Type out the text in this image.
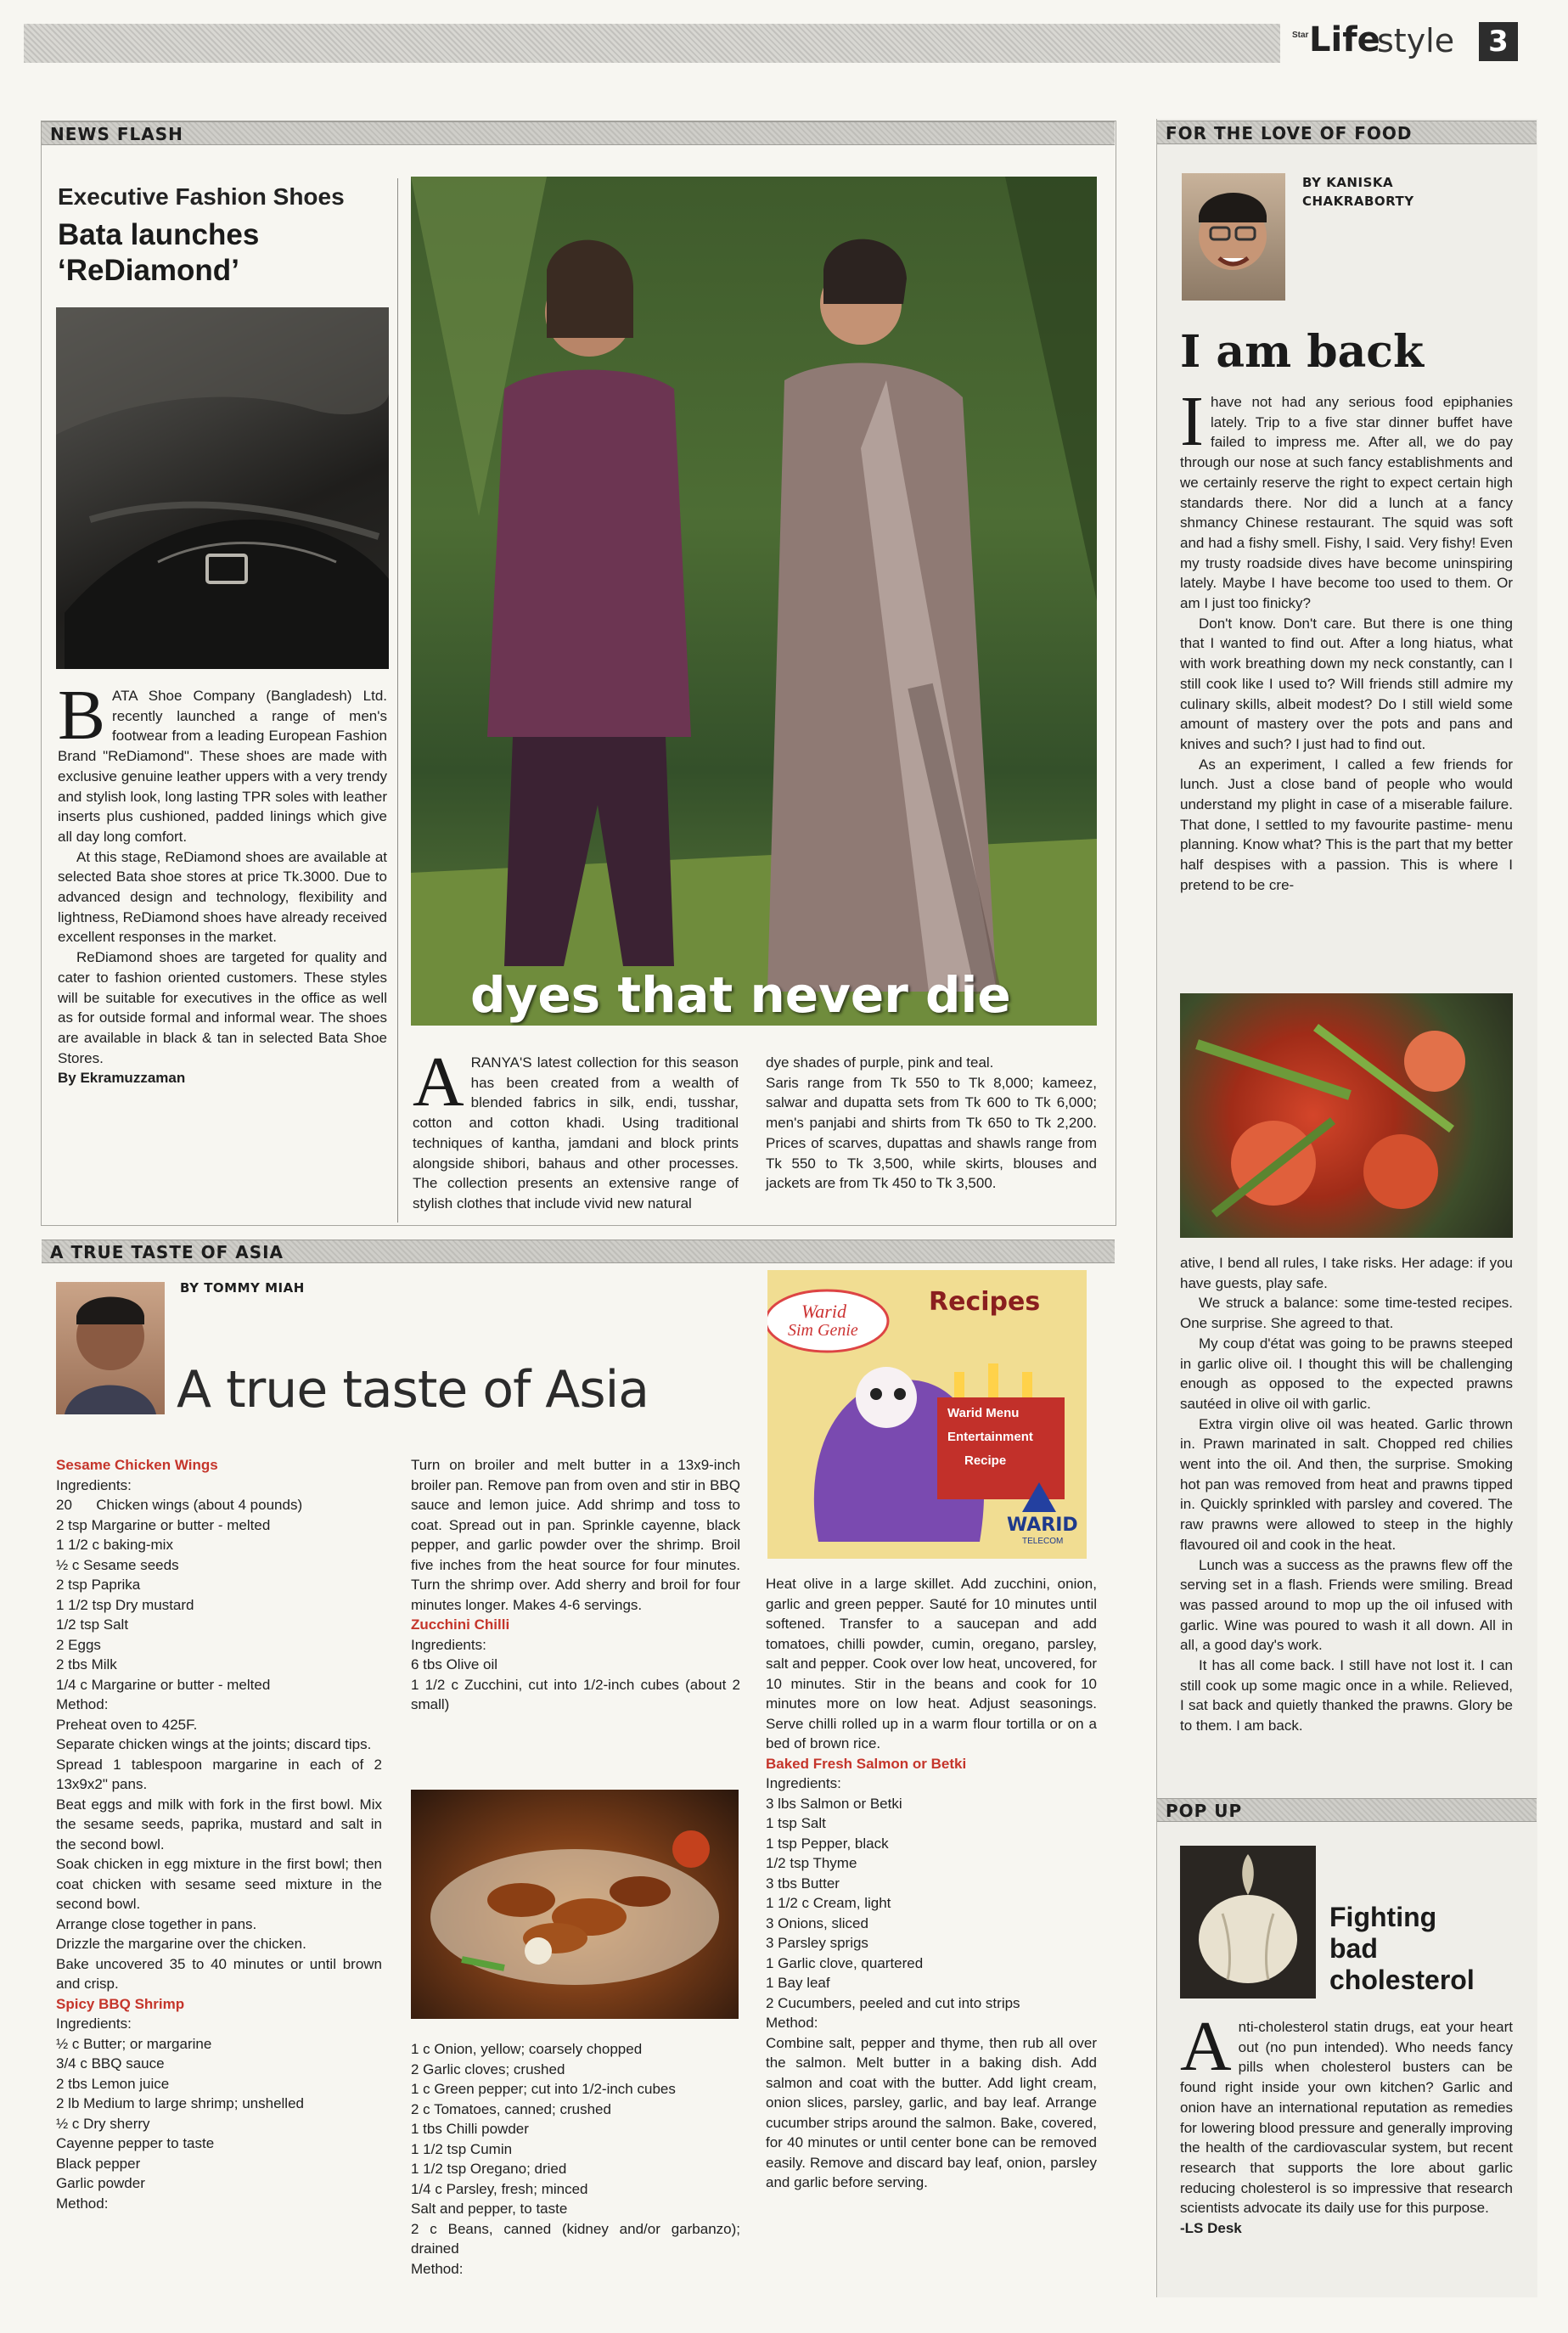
Star Life
style	3
NEWS FLASH
Executive Fashion Shoes
Bata launches
‘ReDiamond’
B ATA Shoe Company (Bangladesh) Ltd. recently launched a range of men's footwear from a leading European Fashion Brand "ReDiamond". These shoes are made with exclusive genuine leather uppers with a very trendy and stylish look, long lasting TPR soles with leather inserts plus cushioned, padded linings which give all day long comfort.

At this stage, ReDiamond shoes are available at selected Bata shoe stores at price Tk.3000. Due to advanced design and technology, flexibility and lightness, ReDiamond shoes have already received excellent responses in the market.

ReDiamond shoes are targeted for quality and cater to fashion oriented customers. These styles will be suitable for executives in the office as well as for outside formal and informal wear. The shoes are available in black & tan in selected Bata Shoe Stores.

By Ekramuzzaman
dyes that never die
A RANYA'S latest collection for this season has been created from a wealth of blended fabrics in silk, endi, tusshar, cotton and cotton khadi. Using traditional techniques of kantha, jamdani and block prints alongside shibori, bahaus and other processes. The collection presents an extensive range of stylish clothes that include vivid new natural

dye shades of purple, pink and teal.

Saris range from Tk 550 to Tk 8,000; kameez, salwar and dupatta sets from Tk 600 to Tk 6,000; men's panjabi and shirts from Tk 650 to Tk 2,200. Prices of scarves, dupattas and shawls range from Tk 550 to Tk 3,500, while skirts, blouses and jackets are from Tk 450 to Tk 3,500.

A TRUE TASTE OF ASIA
BY TOMMY MIAH
A true taste of Asia
Warid
Sim Genie
Recipes
Warid Menu
Entertainment
Recipe
WARID
TELECOM
Sesame Chicken Wings
Ingredients:
20      Chicken wings (about 4 pounds)
2 tsp Margarine or butter - melted
1 1/2 c baking-mix
½ c Sesame seeds
2 tsp Paprika
1 1/2 tsp Dry mustard
1/2 tsp Salt
2 Eggs
2 tbs Milk
1/4 c Margarine or butter - melted
Method:
Preheat oven to 425F.
Separate chicken wings at the joints; discard tips.
Spread 1 tablespoon margarine in each of 2 13x9x2" pans.
Beat eggs and milk with fork in the first bowl. Mix the sesame seeds, paprika, mustard and salt in the second bowl.
Soak chicken in egg mixture in the first bowl; then coat chicken with sesame seed mixture in the second bowl.
Arrange close together in pans.
Drizzle the margarine over the chicken.
Bake uncovered 35 to 40 minutes or until brown and crisp.
Spicy BBQ Shrimp
Ingredients:
½ c Butter; or margarine
3/4 c BBQ sauce
2 tbs Lemon juice
2 lb Medium to large shrimp; unshelled
½ c Dry sherry
Cayenne pepper to taste
Black pepper
Garlic powder
Method:
Turn on broiler and melt butter in a 13x9-inch broiler pan. Remove pan from oven and stir in BBQ sauce and lemon juice. Add shrimp and toss to coat. Spread out in pan. Sprinkle cayenne, black pepper, and garlic powder over the shrimp. Broil five inches from the heat source for four minutes. Turn the shrimp over. Add sherry and broil for four minutes longer. Makes 4-6 servings.
Zucchini Chilli
Ingredients:
6 tbs Olive oil
1 1/2 c Zucchini, cut into 1/2-inch cubes (about 2 small)
1 c Onion, yellow; coarsely chopped
2 Garlic cloves; crushed
1 c Green pepper; cut into 1/2-inch cubes
2 c Tomatoes, canned; crushed
1 tbs Chilli powder
1 1/2 tsp Cumin
1 1/2 tsp Oregano; dried
1/4 c Parsley, fresh; minced
Salt and pepper, to taste
2 c Beans, canned (kidney and/or garbanzo); drained
Method:
Heat olive in a large skillet. Add zucchini, onion, garlic and green pepper. Sauté for 10 minutes until softened. Transfer to a saucepan and add tomatoes, chilli powder, cumin, oregano, parsley, salt and pepper. Cook over low heat, uncovered, for 10 minutes. Stir in the beans and cook for 10 minutes more on low heat. Adjust seasonings. Serve chilli rolled up in a warm flour tortilla or on a bed of brown rice.
Baked Fresh Salmon or Betki
Ingredients:
3 lbs Salmon or Betki
1 tsp Salt
1 tsp Pepper, black
1/2 tsp Thyme
3 tbs Butter
1 1/2 c Cream, light
3 Onions, sliced
3 Parsley sprigs
1 Garlic clove, quartered
1 Bay leaf
2 Cucumbers, peeled and cut into strips
Method:
Combine salt, pepper and thyme, then rub all over the salmon. Melt butter in a baking dish. Add salmon and coat with the butter. Add light cream, onion slices, parsley, garlic, and bay leaf. Arrange cucumber strips around the salmon. Bake, covered, for 40 minutes or until center bone can be removed easily. Remove and discard bay leaf, onion, parsley and garlic before serving.
FOR THE LOVE OF FOOD
BY KANISKA
CHAKRABORTY
I am back
I have not had any serious food epiphanies lately. Trip to a five star dinner buffet have failed to impress me. After all, we do pay through our nose at such fancy establishments and we certainly reserve the right to expect certain high standards there. Nor did a lunch at a fancy shmancy Chinese restaurant. The squid was soft and had a fishy smell. Fishy, I said. Very fishy! Even my trusty roadside dives have become uninspiring lately. Maybe I have become too used to them. Or am I just too finicky?

Don't know. Don't care. But there is one thing that I wanted to find out. After a long hiatus, what with work breathing down my neck constantly, can I still cook like I used to? Will friends still admire my culinary skills, albeit modest? Do I still wield some amount of mastery over the pots and pans and knives and such? I just had to find out.

As an experiment, I called a few friends for lunch. Just a close band of people who would understand my plight in case of a miserable failure. That done, I settled to my favourite pastime- menu planning. Know what? This is the part that my better half despises with a passion. This is where I pretend to be cre-

ative, I bend all rules, I take risks. Her adage: if you have guests, play safe.

We struck a balance: some time-tested recipes. One surprise. She agreed to that.

My coup d'état was going to be prawns steeped in garlic olive oil. I thought this will be challenging enough as opposed to the expected prawns sautéed in olive oil with garlic.

Extra virgin olive oil was heated. Garlic thrown in. Prawn marinated in salt. Chopped red chilies went into the oil. And then, the surprise. Smoking hot pan was removed from heat and prawns tipped in. Quickly sprinkled with parsley and covered. The raw prawns were allowed to steep in the highly flavoured oil and cook in the heat.

Lunch was a success as the prawns flew off the serving set in a flash. Friends were smiling. Bread was passed around to mop up the oil infused with garlic. Wine was poured to wash it all down. All in all, a good day's work.

It has all come back. I still have not lost it. I can still cook up some magic once in a while. Relieved, I sat back and quietly thanked the prawns. Glory be to them. I am back.

POP UP
Fighting
bad
cholesterol
A nti-cholesterol statin drugs, eat your heart out (no pun intended). Who needs fancy pills when cholesterol busters can be found right inside your own kitchen? Garlic and onion have an international reputation as remedies for lowering blood pressure and generally improving the health of the cardiovascular system, but recent research that supports the lore about garlic reducing cholesterol is so impressive that research scientists advocate its daily use for this purpose.

-LS Desk
